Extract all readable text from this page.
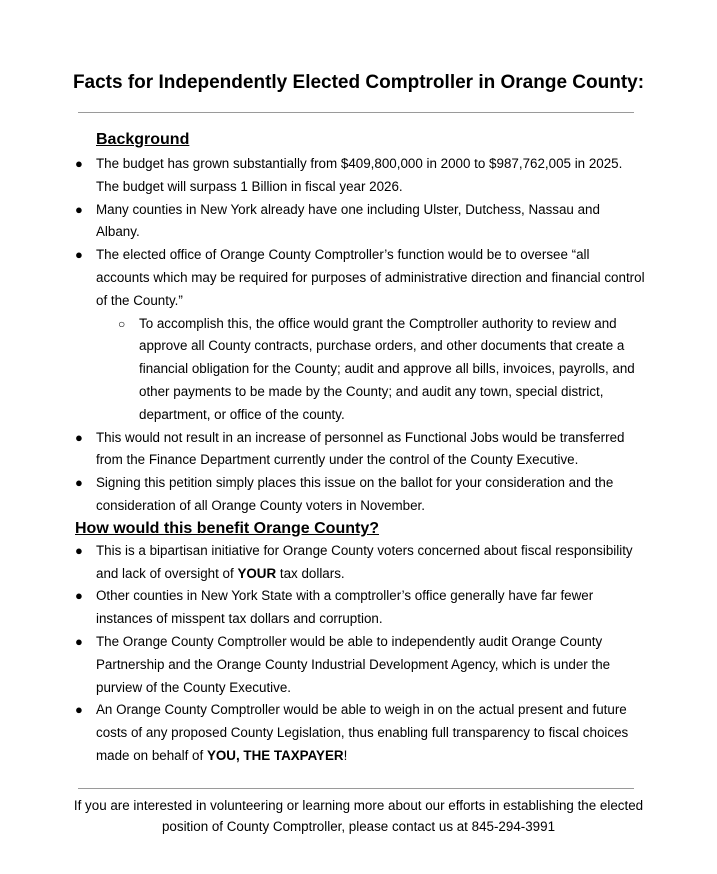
Facts for Independently Elected Comptroller in Orange County:
Background
● The budget has grown substantially from $409,800,000 in 2000 to $987,762,005 in 2025. The budget will surpass 1 Billion in fiscal year 2026.
● Many counties in New York already have one including Ulster, Dutchess, Nassau and Albany.
● The elected office of Orange County Comptroller’s function would be to oversee “all accounts which may be required for purposes of administrative direction and financial control of the County.”
○ To accomplish this, the office would grant the Comptroller authority to review and approve all County contracts, purchase orders, and other documents that create a financial obligation for the County; audit and approve all bills, invoices, payrolls, and other payments to be made by the County; and audit any town, special district, department, or office of the county.
● This would not result in an increase of personnel as Functional Jobs would be transferred from the Finance Department currently under the control of the County Executive.
● Signing this petition simply places this issue on the ballot for your consideration and the consideration of all Orange County voters in November.
How would this benefit Orange County?
● This is a bipartisan initiative for Orange County voters concerned about fiscal responsibility and lack of oversight of YOUR tax dollars.
● Other counties in New York State with a comptroller’s office generally have far fewer instances of misspent tax dollars and corruption.
● The Orange County Comptroller would be able to independently audit Orange County Partnership and the Orange County Industrial Development Agency, which is under the purview of the County Executive.
● An Orange County Comptroller would be able to weigh in on the actual present and future costs of any proposed County Legislation, thus enabling full transparency to fiscal choices made on behalf of YOU, THE TAXPAYER!
If you are interested in volunteering or learning more about our efforts in establishing the elected
position of County Comptroller, please contact us at 845-294-3991
